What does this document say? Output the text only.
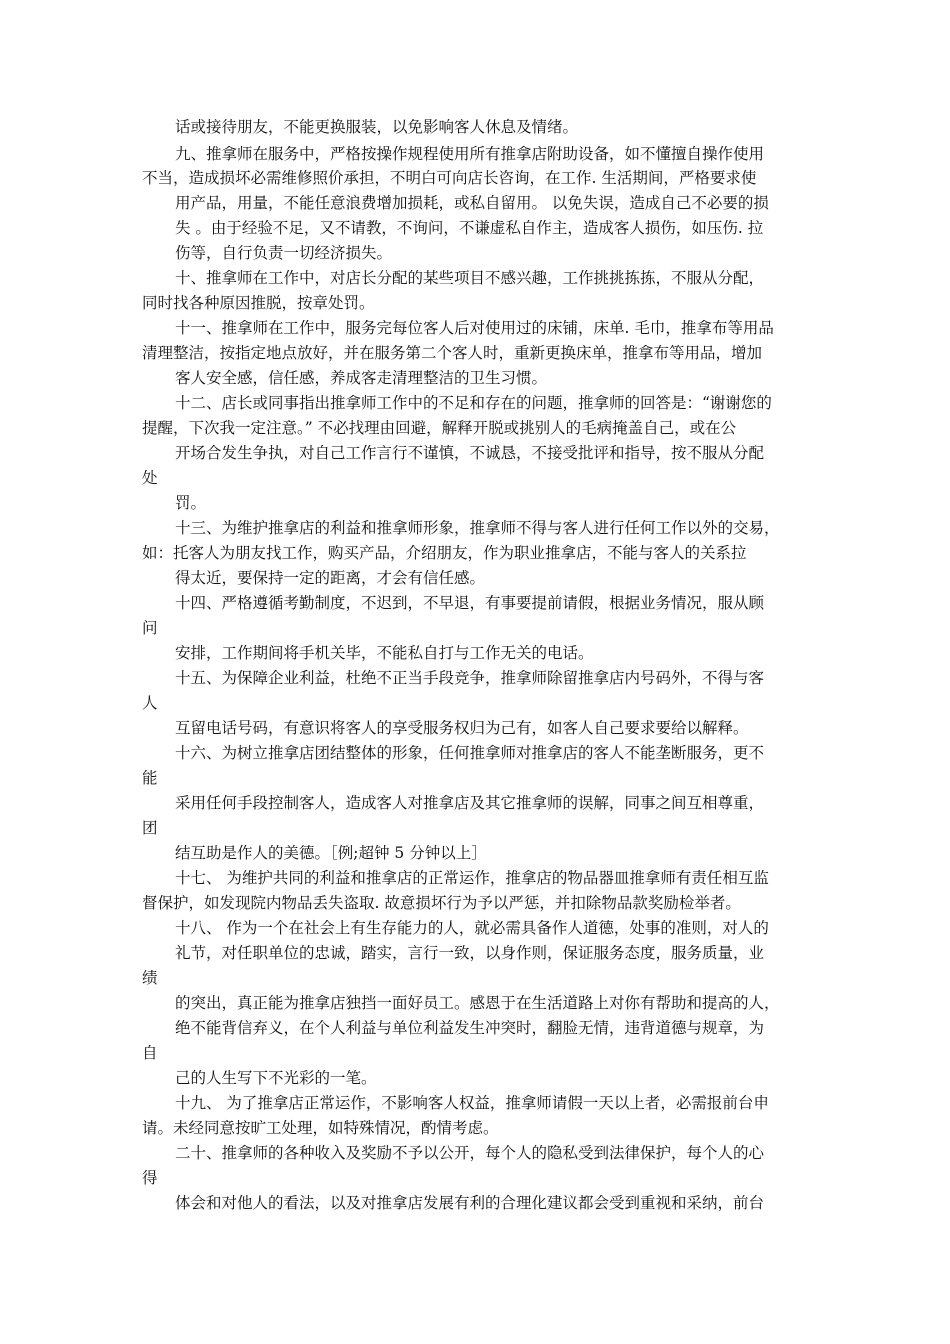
话或接待朋友，不能更换服装，以免影响客人休息及情绪。
九、推拿师在服务中，严格按操作规程使用所有推拿店附助设备，如不懂擅自操作使用
不当，造成损坏必需维修照价承担，不明白可向店长咨询，在工作. 生活期间，严格要求使
用产品，用量，不能任意浪费增加损耗，或私自留用。 以免失误，造成自己不必要的损
失 。由于经验不足，又不请教，不询问，不谦虚私自作主，造成客人损伤，如压伤. 拉
伤等，自行负责一切经济损失。
十、推拿师在工作中，对店长分配的某些项目不感兴趣，工作挑挑拣拣，不服从分配，
同时找各种原因推脱，按章处罚。
十一、推拿师在工作中，服务完每位客人后对使用过的床铺，床单. 毛巾，推拿布等用品
清理整洁，按指定地点放好，并在服务第二个客人时，重新更换床单，推拿布等用品，增加
客人安全感，信任感，养成客走清理整洁的卫生习惯。
十二、店长或同事指出推拿师工作中的不足和存在的问题，推拿师的回答是：“谢谢您的
提醒，下次我一定注意。” 不必找理由回避，解释开脱或挑别人的毛病掩盖自己，或在公
开场合发生争执，对自己工作言行不谨慎，不诚恳，不接受批评和指导，按不服从分配
处
罚。
十三、为维护推拿店的利益和推拿师形象，推拿师不得与客人进行任何工作以外的交易，
如：托客人为朋友找工作，购买产品，介绍朋友，作为职业推拿店，不能与客人的关系拉
得太近，要保持一定的距离，才会有信任感。
十四、严格遵循考勤制度，不迟到，不早退，有事要提前请假，根据业务情况，服从顾
问
安排，工作期间将手机关毕，不能私自打与工作无关的电话。
十五、为保障企业利益，杜绝不正当手段竞争，推拿师除留推拿店内号码外，不得与客
人
互留电话号码，有意识将客人的享受服务权归为己有，如客人自己要求要给以解释。
十六、为树立推拿店团结整体的形象，任何推拿师对推拿店的客人不能垄断服务，更不
能
采用任何手段控制客人，造成客人对推拿店及其它推拿师的误解，同事之间互相尊重，
团
结互助是作人的美德。［例;超钟 5 分钟以上］
十七、 为维护共同的利益和推拿店的正常运作，推拿店的物品器皿推拿师有责任相互监
督保护，如发现院内物品丢失盗取. 故意损坏行为予以严惩，并扣除物品款奖励检举者。
十八、 作为一个在社会上有生存能力的人，就必需具备作人道德，处事的准则，对人的
礼节，对任职单位的忠诚，踏实，言行一致，以身作则，保证服务态度，服务质量，业
绩
的突出，真正能为推拿店独挡一面好员工。感恩于在生活道路上对你有帮助和提高的人，
绝不能背信弃义，在个人利益与单位利益发生冲突时，翻脸无情，违背道德与规章，为
自
己的人生写下不光彩的一笔。
十九、 为了推拿店正常运作，不影响客人权益，推拿师请假一天以上者，必需报前台申
请。未经同意按旷工处理，如特殊情况，酌情考虑。
二十、推拿师的各种收入及奖励不予以公开，每个人的隐私受到法律保护，每个人的心
得
体会和对他人的看法，以及对推拿店发展有利的合理化建议都会受到重视和采纳，前台
